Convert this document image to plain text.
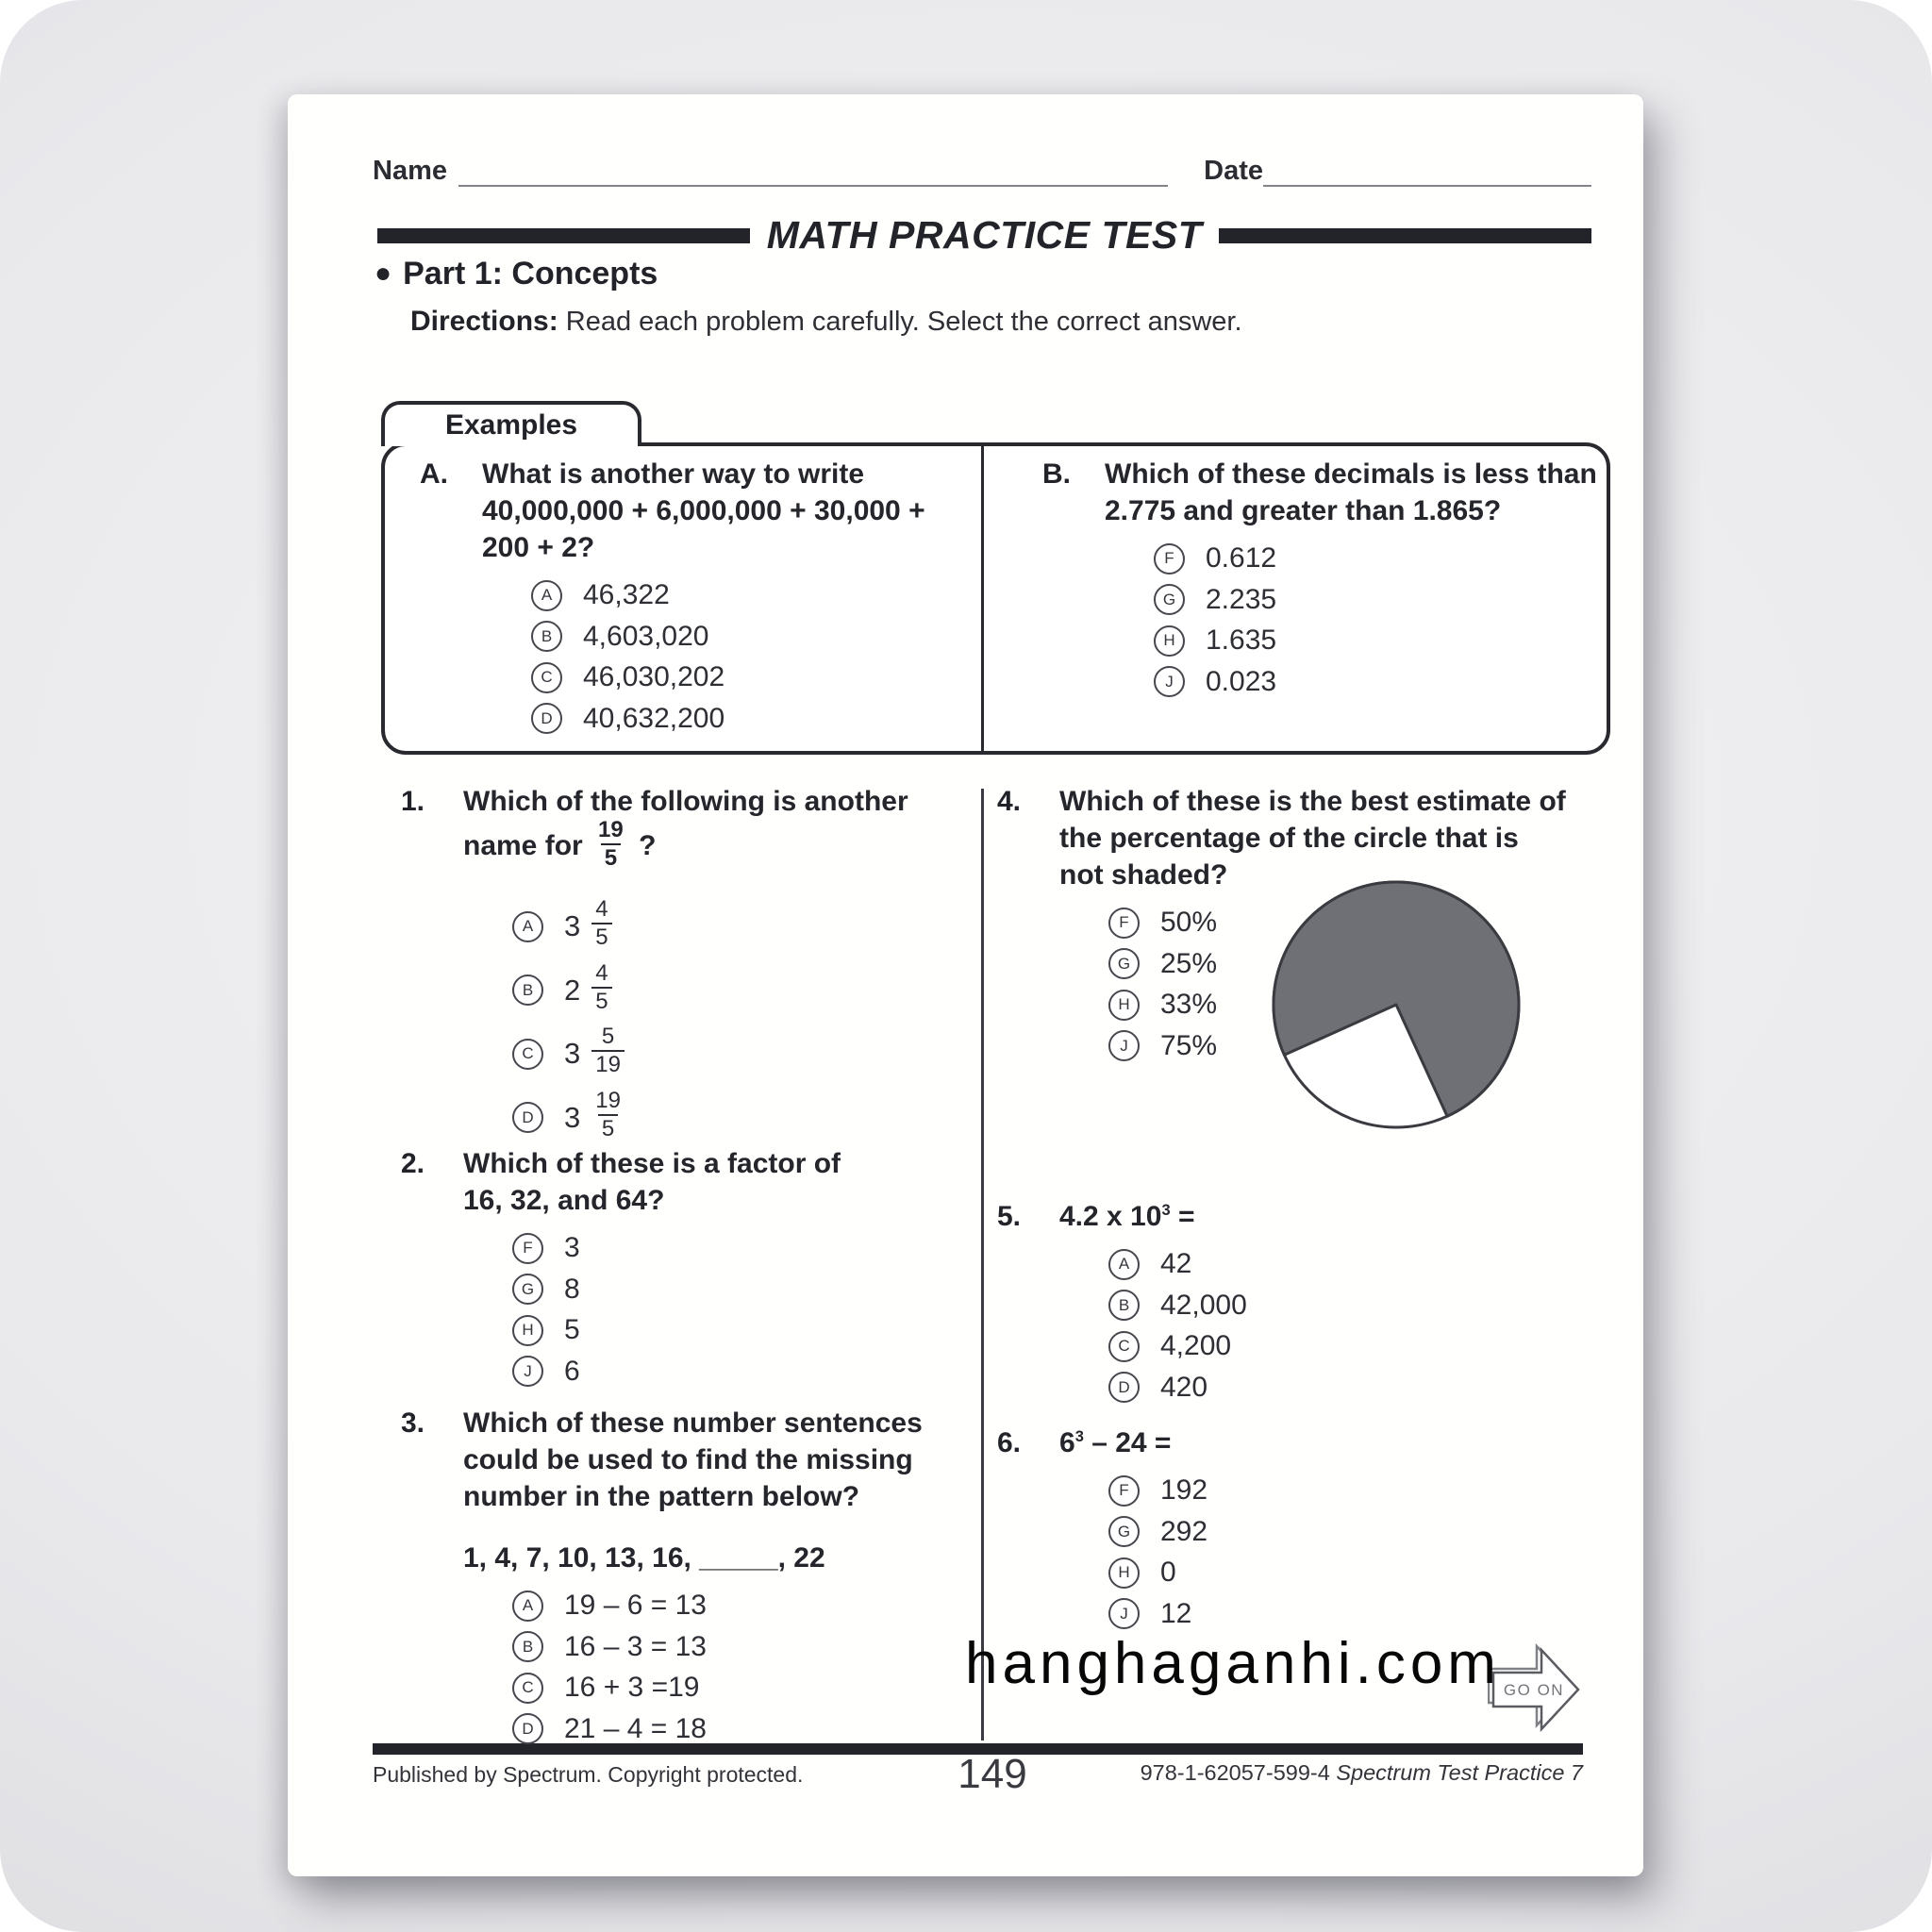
Name	Date
MATH PRACTICE TEST
● Part 1: Concepts
Directions: Read each problem carefully. Select the correct answer.
Examples
A.	What is another way to write
40,000,000 + 6,000,000 + 30,000 +
200 + 2?
A	46,322
B	4,603,020
C	46,030,202
D	40,632,200
B.	Which of these decimals is less than
2.775 and greater than 1.865?
F	0.612
G	2.235
H	1.635
J	0.023
1.	Which of the following is another
name for $\frac{19}{5}$ ?
A	$3 \frac{4}{5}$
B	$2 \frac{4}{5}$
C	$3 \frac{5}{19}$
D	$3 \frac{19}{5}$
2.	Which of these is a factor of
16, 32, and 64?
F	3
G	8
H	5
J	6
3.	Which of these number sentences
could be used to find the missing
number in the pattern below?
1, 4, 7, 10, 13, 16, _____, 22
A	19 – 6 = 13
B	16 – 3 = 13
C	16 + 3 =19
D	21 – 4 = 18
4.	Which of these is the best estimate of
the percentage of the circle that is
not shaded?
F	50%
G	25%
H	33%
J	75%
5.	4.2 x $10^3$ =
A	42
B	42,000
C	4,200
D	420
6.	$6^3 - 24$ =
F	192
G	292
H	0
J	12
hanghaganhi.com GO ON
Published by Spectrum. Copyright protected.	149	978-1-62057-599-4 Spectrum Test Practice 7
